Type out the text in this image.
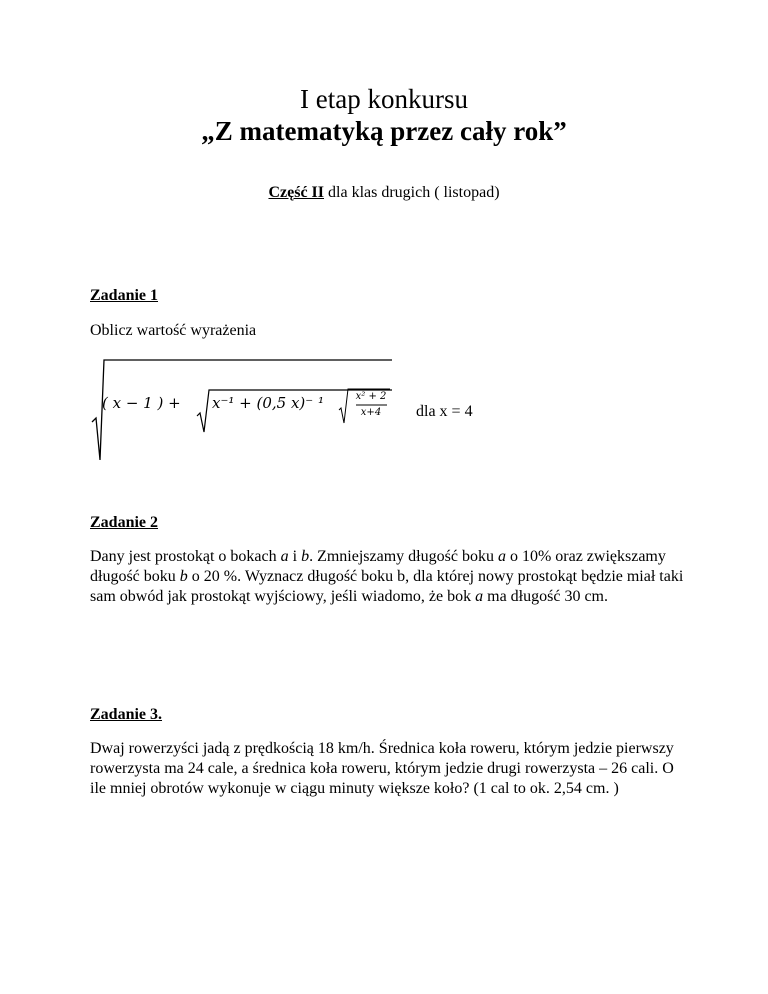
I etap konkursu
„Z matematyką przez cały rok”
Część II dla klas drugich ( listopad)
Zadanie 1
Oblicz wartość wyrażenia
( 𝑥 − 1 ) + 𝑥⁻¹ + (0,5 𝑥)⁻ ¹	𝑥² + 2
𝑥+4	dla x = 4
Zadanie 2
Dany jest prostokąt o bokach a i b. Zmniejszamy długość boku a o 10% oraz zwiększamy długość boku b o 20 %. Wyznacz długość boku b, dla której nowy prostokąt będzie miał taki sam obwód jak prostokąt wyjściowy, jeśli wiadomo, że bok a ma długość 30 cm.
Zadanie 3.
Dwaj rowerzyści jadą z prędkością 18 km/h. Średnica koła roweru, którym jedzie pierwszy rowerzysta ma 24 cale, a średnica koła roweru, którym jedzie drugi rowerzysta – 26 cali. O ile mniej obrotów wykonuje w ciągu minuty większe koło? (1 cal to ok. 2,54 cm. )
